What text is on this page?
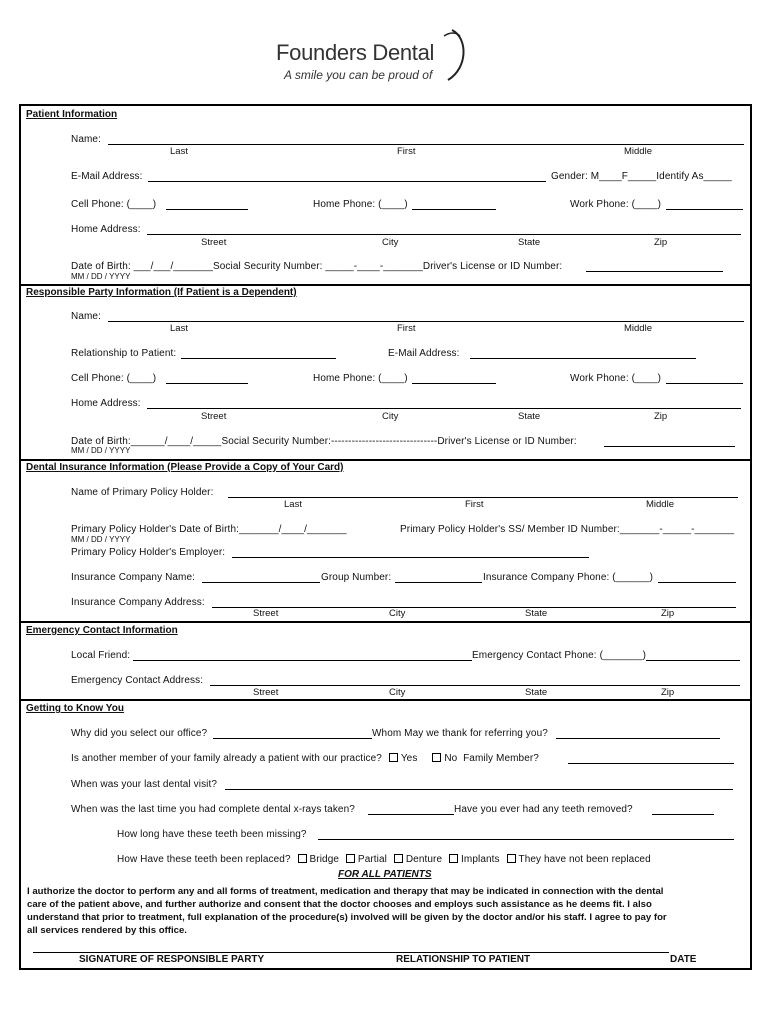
Founders Dental
A smile you can be proud of
Patient Information
Name:
Last	First	Middle
E-Mail Address:	Gender: M____F_____Identify As_____
Cell Phone: (____)	Home Phone: (____)	Work Phone: (____)
Home Address:
Street	City	State	Zip
Date of Birth: ___/___/_______Social Security Number: _____-____-_______Driver's License or ID Number:
MM / DD / YYYY
Responsible Party Information (If Patient is a Dependent)
Name:
Last	First	Middle
Relationship to Patient:	E-Mail Address:
Cell Phone: (____)	Home Phone: (____)	Work Phone: (____)
Home Address:
Street	City	State	Zip
Date of Birth:______/____/_____Social Security Number:-------------------------------Driver's License or ID Number:
MM / DD / YYYY
Dental Insurance Information (Please Provide a Copy of Your Card)
Name of Primary Policy Holder:
Last	First	Middle
Primary Policy Holder's Date of Birth:_______/____/_______	Primary Policy Holder's SS/ Member ID Number:_______-_____-_______
MM / DD / YYYY
Primary Policy Holder's Employer:
Insurance Company Name:	Group Number:	Insurance Company Phone: (______)
Insurance Company Address:
Street	City	State	Zip
Emergency Contact Information
Local Friend:	Emergency Contact Phone: (_______)
Emergency Contact Address:
Street	City	State	Zip
Getting to Know You
Why did you select our office?	Whom May we thank for referring you?
Is another member of your family already a patient with our practice? Yes	No Family Member?
When was your last dental visit?
When was the last time you had complete dental x-rays taken?	Have you ever had any teeth removed?
How long have these teeth been missing?
How Have these teeth been replaced? Bridge Partial Denture Implants They have not been replaced
FOR ALL PATIENTS
I authorize the doctor to perform any and all forms of treatment, medication and therapy that may be indicated in connection with the dental
care of the patient above, and further authorize and consent that the doctor chooses and employs such assistance as he deems fit. I also
understand that prior to treatment, full explanation of the procedure(s) involved will be given by the doctor and/or his staff. I agree to pay for
all services rendered by this office.
SIGNATURE OF RESPONSIBLE PARTY	RELATIONSHIP TO PATIENT	DATE
